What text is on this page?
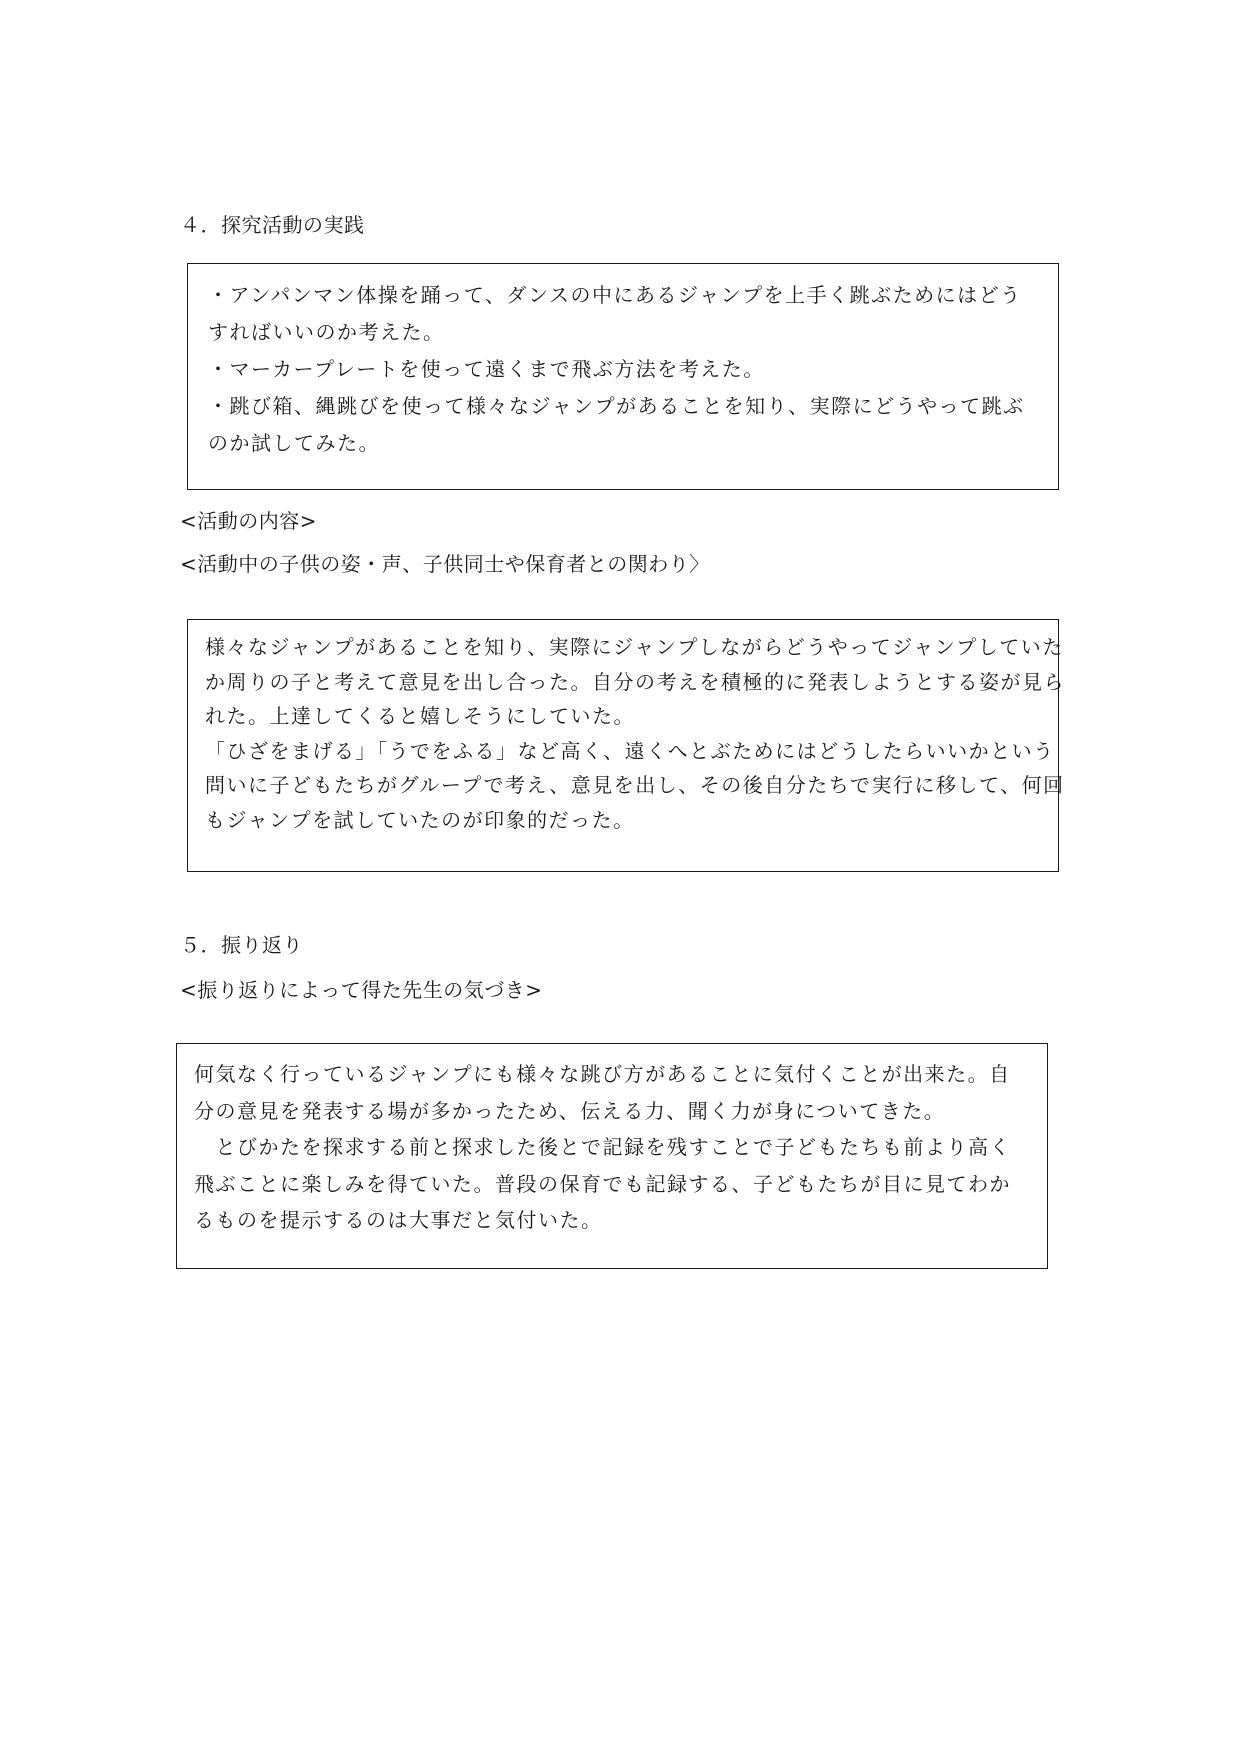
４．探究活動の実践

・アンパンマン体操を踊って、ダンスの中にあるジャンプを上手く跳ぶためにはどう

すればいいのか考えた。

・マーカープレートを使って遠くまで飛ぶ方法を考えた。

・跳び箱、縄跳びを使って様々なジャンプがあることを知り、実際にどうやって跳ぶ

のか試してみた。

<活動の内容>
<活動中の子供の姿・声、子供同士や保育者との関わり〉

様々なジャンプがあることを知り、実際にジャンプしながらどうやってジャンプしていた

か周りの子と考えて意見を出し合った。自分の考えを積極的に発表しようとする姿が見ら

れた。上達してくると嬉しそうにしていた。

「ひざをまげる」「うでをふる」など高く、遠くへとぶためにはどうしたらいいかという

問いに子どもたちがグループで考え、意見を出し、その後自分たちで実行に移して、何回

もジャンプを試していたのが印象的だった。

５．振り返り
<振り返りによって得た先生の気づき>

何気なく行っているジャンプにも様々な跳び方があることに気付くことが出来た。自

分の意見を発表する場が多かったため、伝える力、聞く力が身についてきた。

　とびかたを探求する前と探求した後とで記録を残すことで子どもたちも前より高く

飛ぶことに楽しみを得ていた。普段の保育でも記録する、子どもたちが目に見てわか

るものを提示するのは大事だと気付いた。
